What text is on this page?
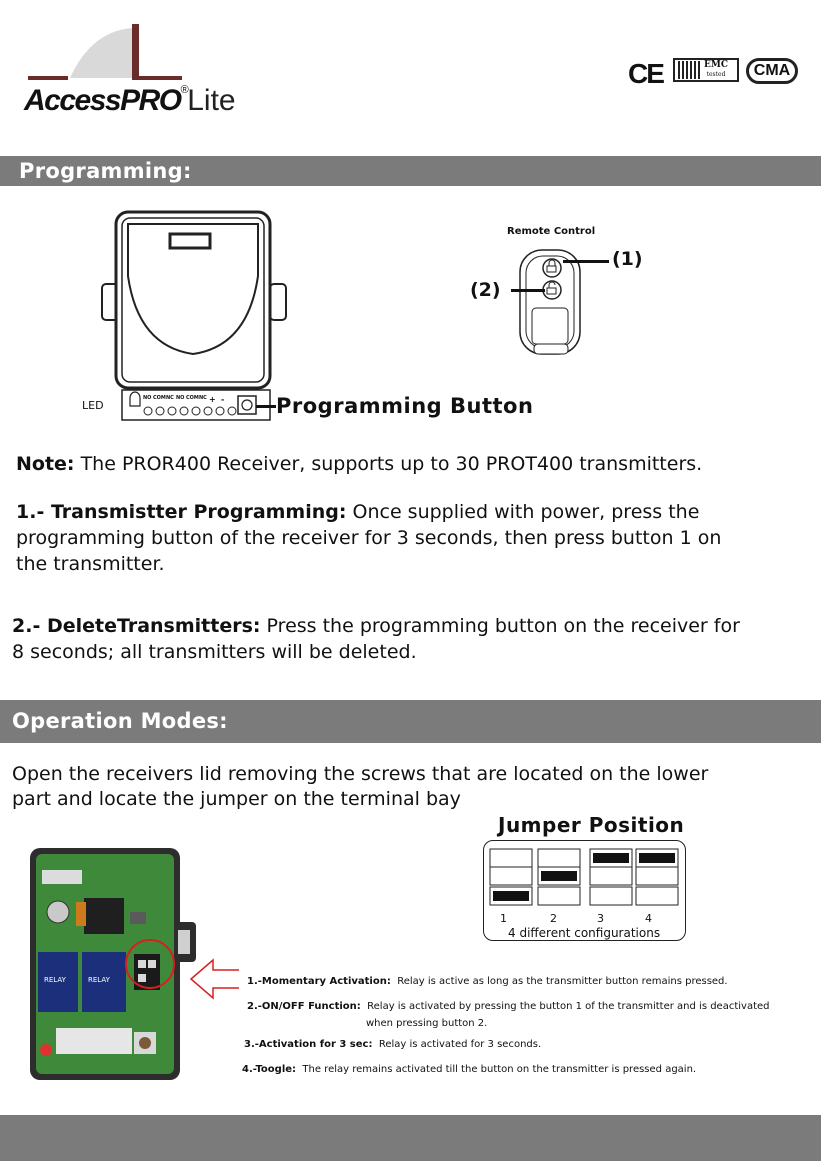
AccessPRO®Lite
CE	EMC
tested	CMA
Programming:
NO COM NC NO COM NC + -
LED	Programming Button
Remote Control
(1)
(2)
Note: The PROR400 Receiver, supports up to 30 PROT400 transmitters.
1.- Transmistter Programming: Once supplied with power, press the programming button of the receiver for 3 seconds, then press button 1 on the transmitter.
2.- DeleteTransmitters: Press the programming button on the receiver for 8 seconds; all transmitters will be deleted.
Operation Modes:
Open the receivers lid removing the screws that are located on the lower
part and locate the jumper on the terminal bay
RELAY	RELAY
Jumper Position
1	2	3	4
4 different configurations
1.-Momentary Activation: Relay is active as long as the transmitter button remains pressed.
2.-ON/OFF Function: Relay is activated by pressing the button 1 of the transmitter and is deactivated
when pressing button 2.
3.-Activation for 3 sec: Relay is activated for 3 seconds.
4.-Toogle: The relay remains activated till the button on the transmitter is pressed again.
